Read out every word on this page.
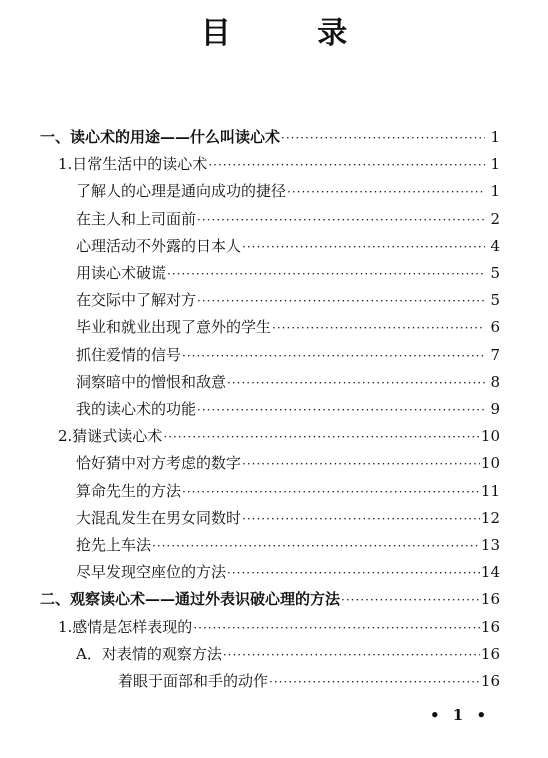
目 录
一、读心术的用途——什么叫读心术 ·····	1
1.日常生活中的读心术 ·····	1
了解人的心理是通向成功的捷径 ·····	1
在主人和上司面前 ·····	2
心理活动不外露的日本人 ·····	4
用读心术破谎 ·····	5
在交际中了解对方 ·····	5
毕业和就业出现了意外的学生 ·····	6
抓住爱情的信号 ·····	7
洞察暗中的憎恨和敌意 ·····	8
我的读心术的功能 ·····	9
2.猜谜式读心术 ·····	10
恰好猜中对方考虑的数字 ·····	10
算命先生的方法 ·····	11
大混乱发生在男女同数时 ·····	12
抢先上车法 ·····	13
尽早发现空座位的方法 ·····	14
二、观察读心术——通过外表识破心理的方法 ·····	16
1.感情是怎样表现的 ·····	16
A．对表情的观察方法 ·····	16
着眼于面部和手的动作 ·····	16
• 1 •
